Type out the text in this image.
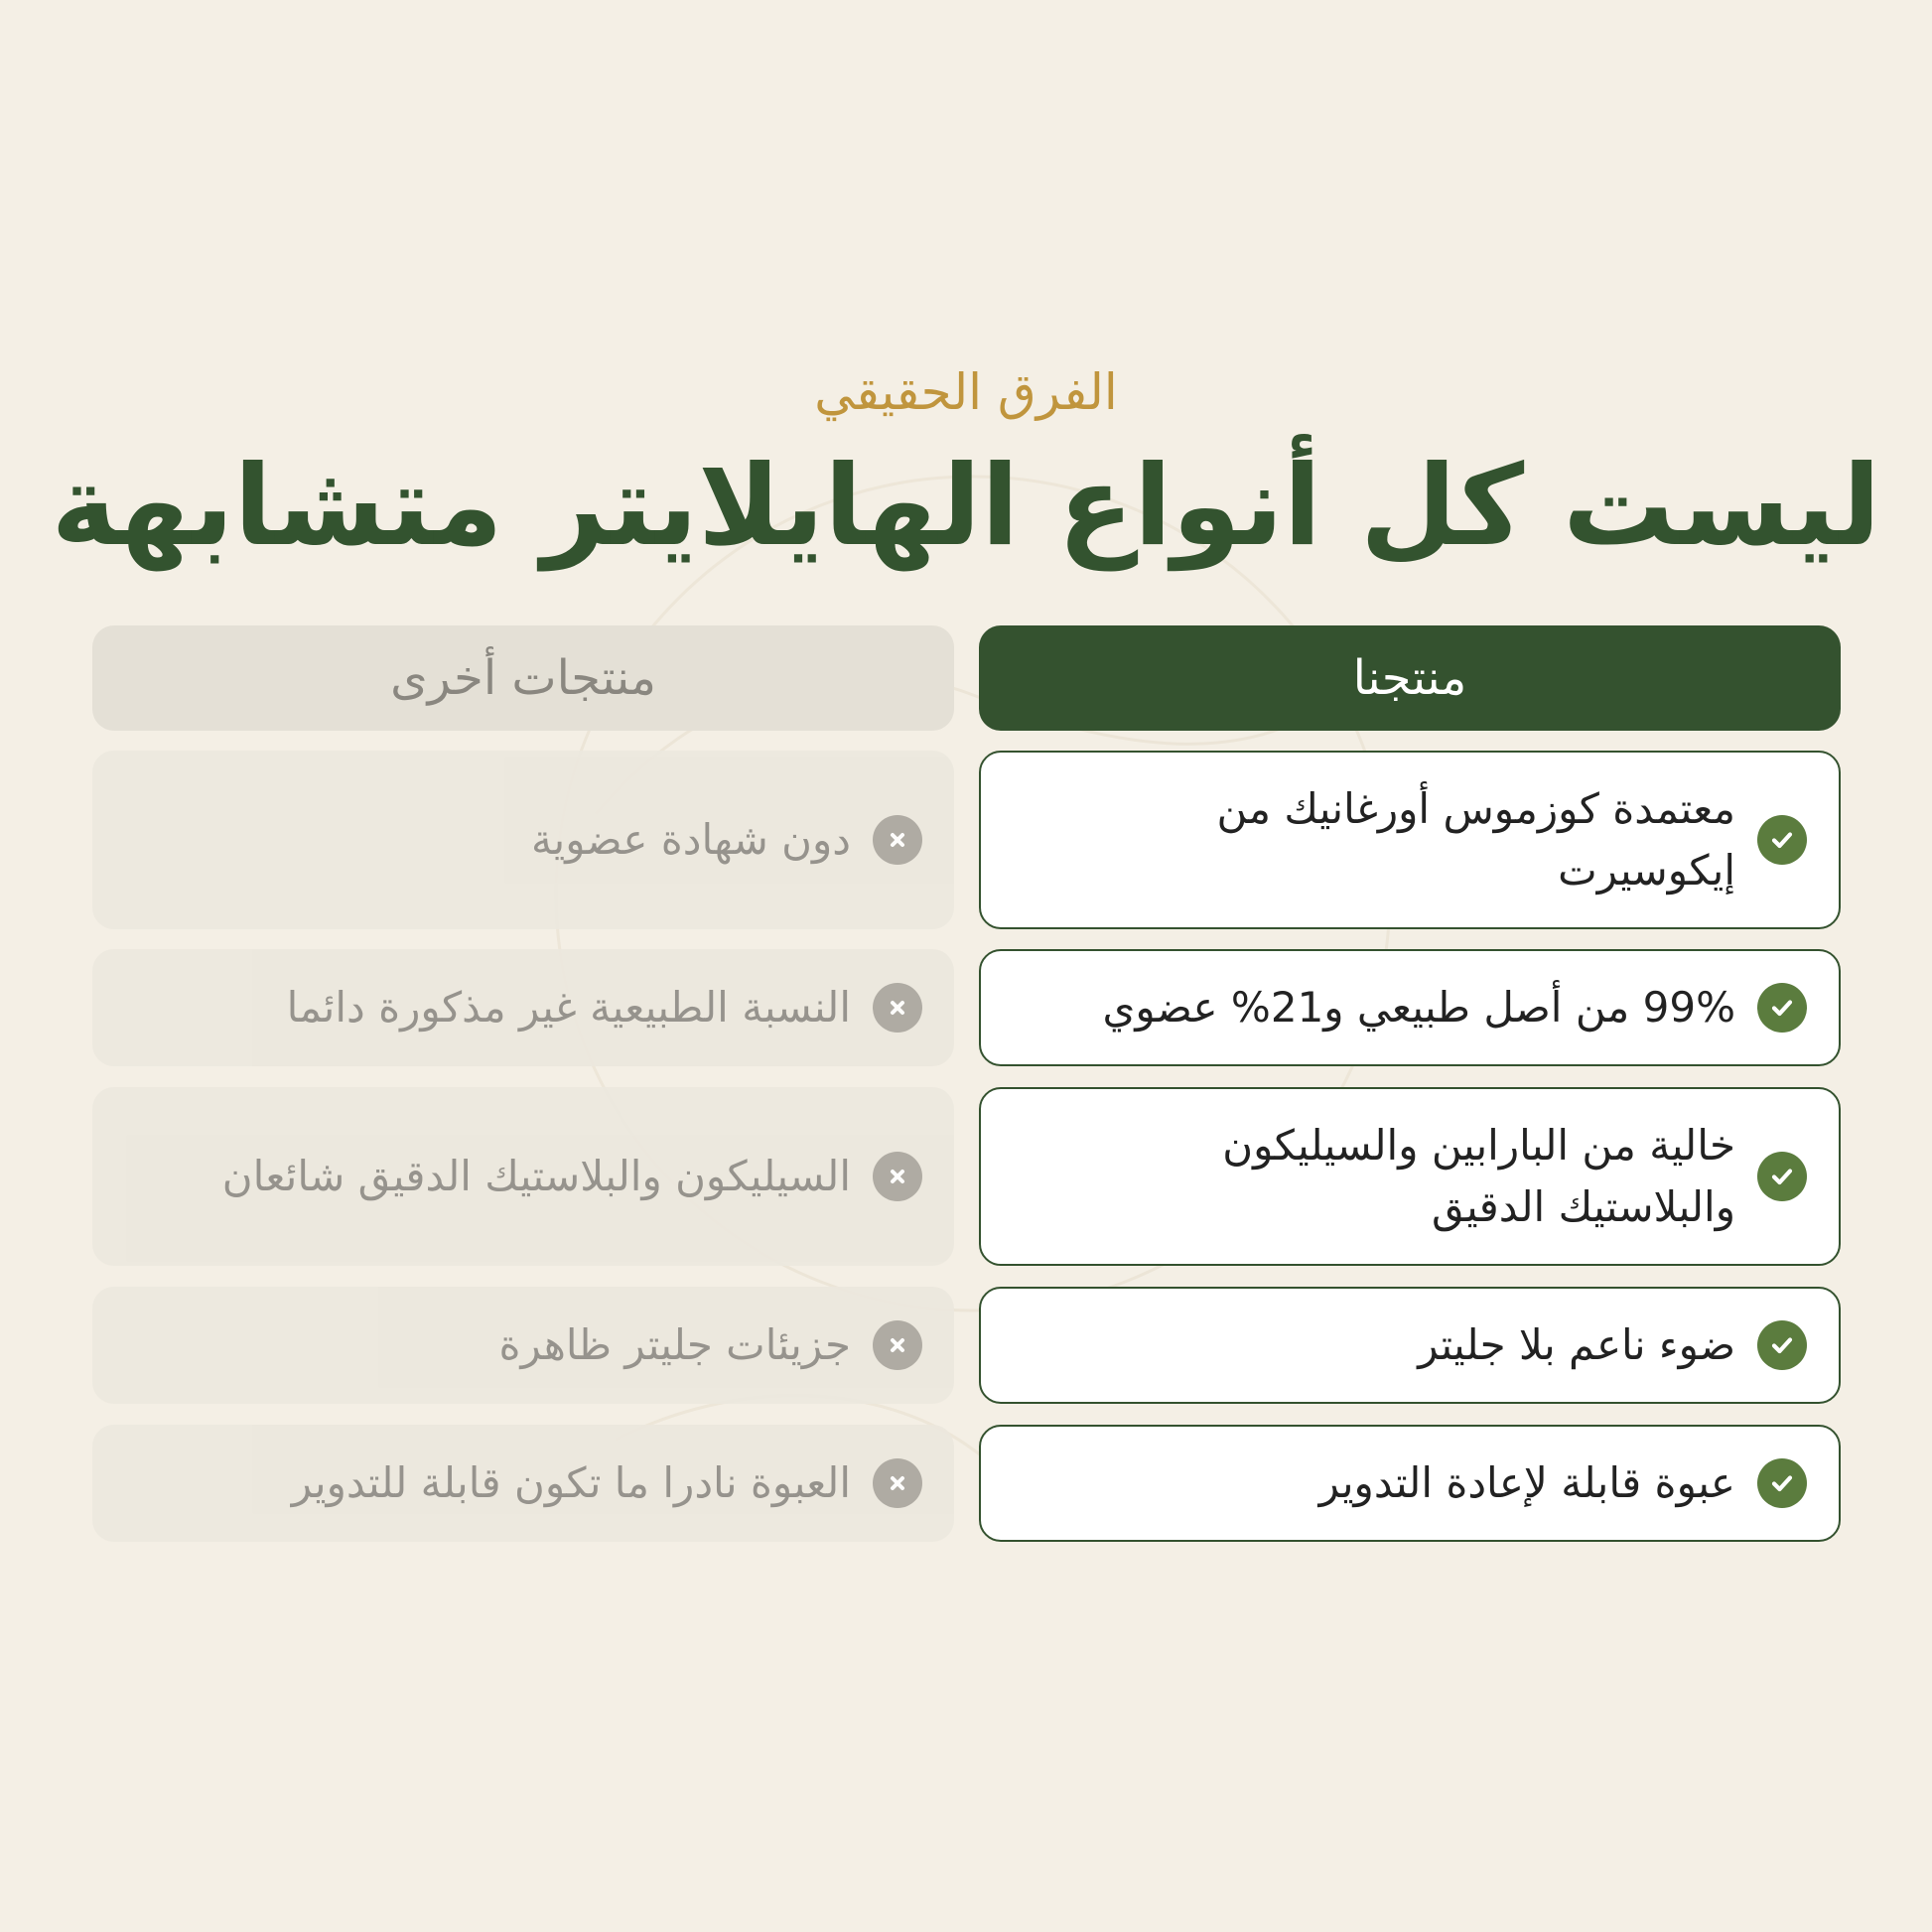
الفرق الحقيقي
ليست كل أنواع الهايلايتر متشابهة
منتجنا
منتجات أخرى
معتمدة كوزموس أورغانيك من إيكوسيرت
دون شهادة عضوية
99% من أصل طبيعي و21% عضوي
النسبة الطبيعية غير مذكورة دائما
خالية من البارابين والسيليكون والبلاستيك الدقيق
السيليكون والبلاستيك الدقيق شائعان
ضوء ناعم بلا جليتر
جزيئات جليتر ظاهرة
عبوة قابلة لإعادة التدوير
العبوة نادرا ما تكون قابلة للتدوير
